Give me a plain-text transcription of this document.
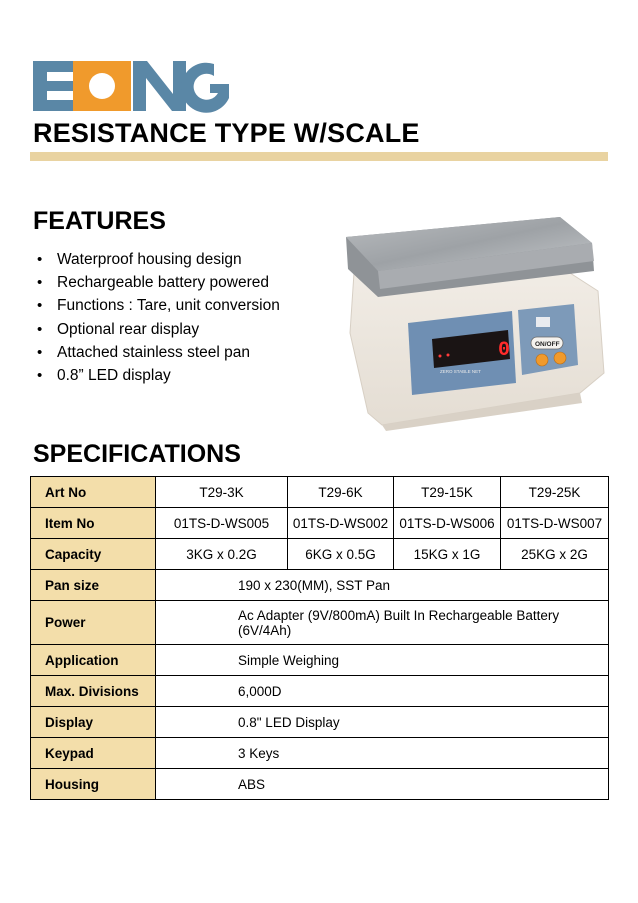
RESISTANCE TYPE W/SCALE
FEATURES
• Waterproof housing design
• Rechargeable battery powered
• Functions : Tare, unit conversion
• Optional rear display
• Attached stainless steel pan
• 0.8” LED display
0
ZERO STABLE NET
ON/OFF
SPECIFICATIONS
Art No	T29-3K	T29-6K	T29-15K	T29-25K
Item No	01TS-D-WS005	01TS-D-WS002	01TS-D-WS006	01TS-D-WS007
Capacity	3KG x 0.2G	6KG x 0.5G	15KG x 1G	25KG x 2G
Pan size	190 x 230(MM), SST Pan			
Power	Ac Adapter (9V/800mA) Built In Rechargeable Battery (6V/4Ah)			
Application	Simple Weighing			
Max. Divisions	6,000D			
Display	0.8" LED Display			
Keypad	3 Keys			
Housing	ABS			
